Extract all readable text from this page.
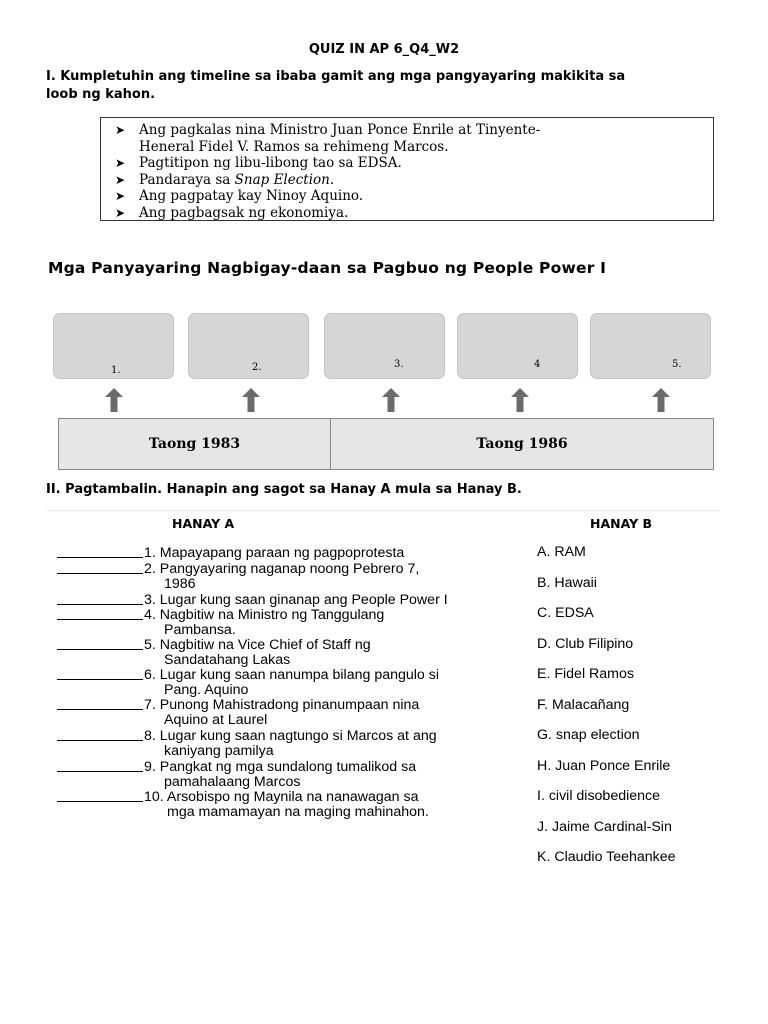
QUIZ IN AP 6_Q4_W2
I. Kumpletuhin ang timeline sa ibaba gamit ang mga pangyayaring makikita sa
loob ng kahon.
➤ Ang pagkalas nina Ministro Juan Ponce Enrile at Tinyente-
Heneral Fidel V. Ramos sa rehimeng Marcos.
➤ Pagtitipon ng libu-libong tao sa EDSA.
➤ Pandaraya sa Snap Election.
➤ Ang pagpatay kay Ninoy Aquino.
➤ Ang pagbagsak ng ekonomiya.
Mga Panyayaring Nagbigay-daan sa Pagbuo ng People Power I
1.	2.	3.	4	5.
Taong 1983	Taong 1986
II. Pagtambalin. Hanapin ang sagot sa Hanay A mula sa Hanay B.
HANAY A	HANAY B
1. Mapayapang paraan ng pagpoprotesta
2. Pangyayaring naganap noong Pebrero 7,
1986
3. Lugar kung saan ginanap ang People Power I
4. Nagbitiw na Ministro ng Tanggulang
Pambansa.
5. Nagbitiw na Vice Chief of Staff ng
Sandatahang Lakas
6. Lugar kung saan nanumpa bilang pangulo si
Pang. Aquino
7. Punong Mahistradong pinanumpaan nina
Aquino at Laurel
8. Lugar kung saan nagtungo si Marcos at ang
kaniyang pamilya
9. Pangkat ng mga sundalong tumalikod sa
pamahalaang Marcos
10. Arsobispo ng Maynila na nanawagan sa
mga mamamayan na maging mahinahon.
A. RAM
B. Hawaii
C. EDSA
D. Club Filipino
E. Fidel Ramos
F. Malacañang
G. snap election
H. Juan Ponce Enrile
I. civil disobedience
J. Jaime Cardinal-Sin
K. Claudio Teehankee
